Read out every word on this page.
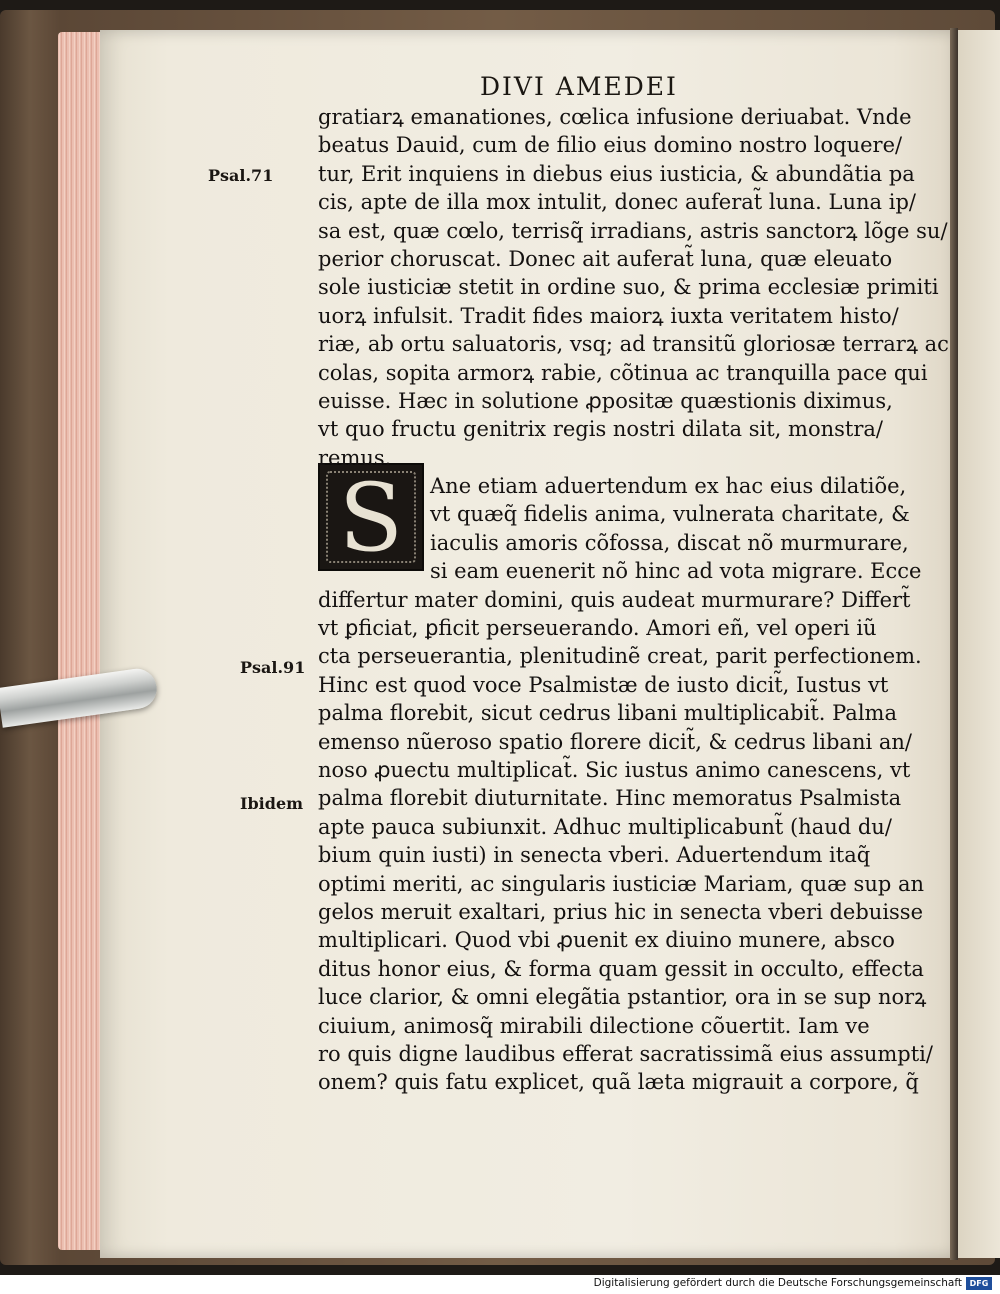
DIVI AMEDEI
S
Psal.71
Psal.91
Ibidem
gratiarꝝ emanationes, cœlica infusione deriuabat. Vnde
beatus Dauid, cum de filio eius domino nostro loquere/
tur, Erit inquiens in diebus eius iusticia, & abundãtia pa
cis, apte de illa mox intulit, donec auferat̃ luna. Luna ip/
sa est, quæ cœlo, terrisq̃ irradians, astris sanctorꝝ lõge su/
perior choruscat. Donec ait auferat̃ luna, quæ eleuato
sole iusticiæ stetit in ordine suo, & prima ecclesiæ primiti
uorꝝ infulsit. Tradit fides maiorꝝ iuxta veritatem histo/
riæ, ab ortu saluatoris, vsq; ad transitũ gloriosæ terrarꝝ ac
colas, sopita armorꝝ rabie, cõtinua ac tranquilla pace qui
euisse. Hæc in solutione ꝓpositæ quæstionis diximus,
vt quo fructu genitrix regis nostri dilata sit, monstra/
remus.
Ane etiam aduertendum ex hac eius dilatiõe,
vt quæq̃ fidelis anima, vulnerata charitate, &
iaculis amoris cõfossa, discat nõ murmurare,
si eam euenerit nõ hinc ad vota migrare. Ecce
differtur mater domini, quis audeat murmurare? Differt̃
vt ꝑficiat, ꝑficit perseuerando. Amori eñ, vel operi iũ
cta perseuerantia, plenitudinẽ creat, parit perfectionem.
Hinc est quod voce Psalmistæ de iusto dicit̃, Iustus vt
palma florebit, sicut cedrus libani multiplicabit̃. Palma
emenso nũeroso spatio florere dicit̃, & cedrus libani an/
noso ꝓuectu multiplicat̃. Sic iustus animo canescens, vt
palma florebit diuturnitate. Hinc memoratus Psalmista
apte pauca subiunxit. Adhuc multiplicabunt̃ (haud du/
bium quin iusti) in senecta vberi. Aduertendum itaq̃
optimi meriti, ac singularis iusticiæ Mariam, quæ sup an
gelos meruit exaltari, prius hic in senecta vberi debuisse
multiplicari. Quod vbi ꝓuenit ex diuino munere, absco
ditus honor eius, & forma quam gessit in occulto, effecta
luce clarior, & omni elegãtia pstantior, ora in se sup norꝝ
ciuium, animosq̃ mirabili dilectione cõuertit. Iam ve
ro quis digne laudibus efferat sacratissimã eius assumpti/
onem? quis fatu explicet, quã læta migrauit a corpore, q̃
Digitalisierung gefördert durch die Deutsche Forschungsgemeinschaft DFG
